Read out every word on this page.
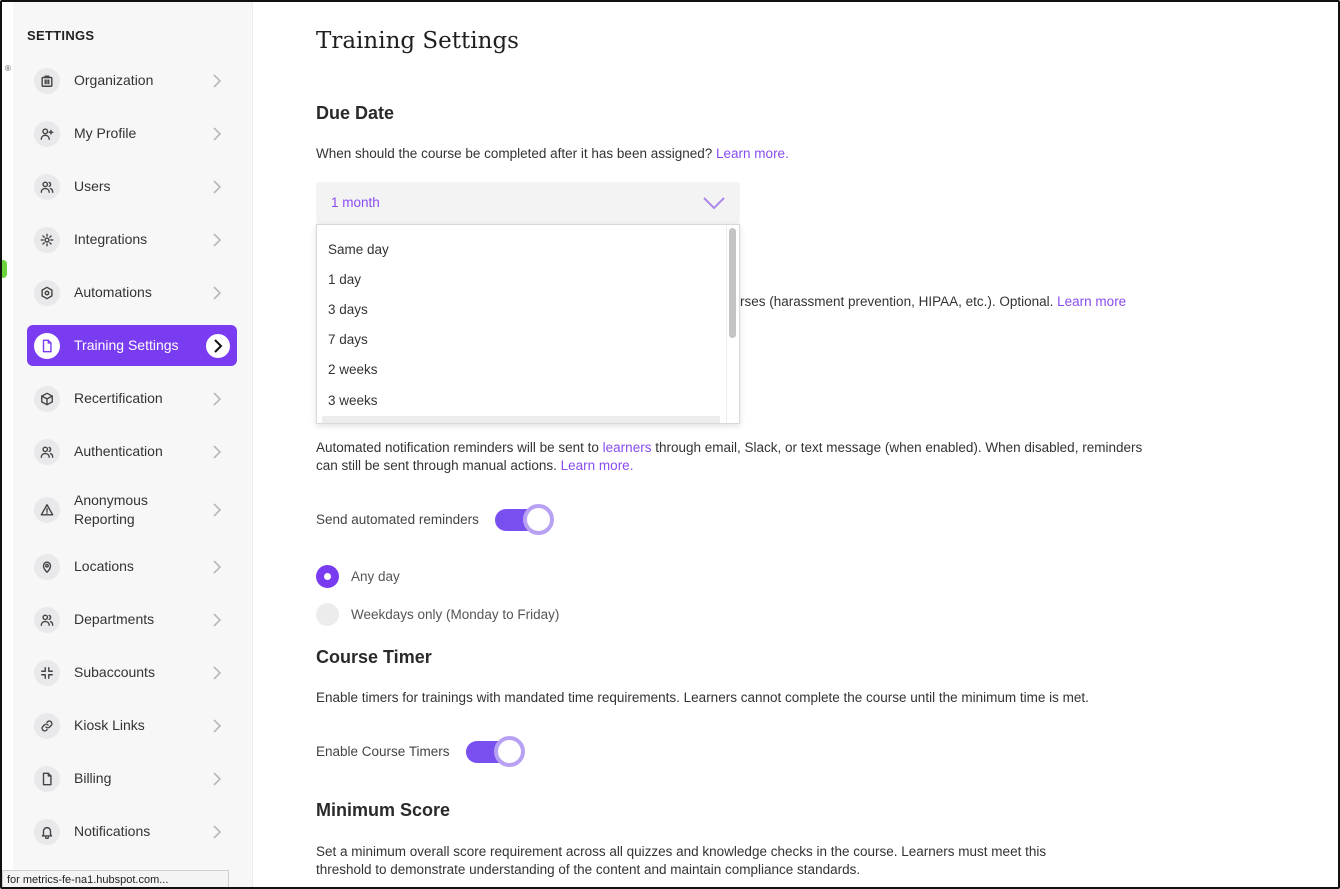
®
SETTINGS
Organization
My Profile
Users
Integrations
Automations
Training Settings
Recertification
Authentication
Anonymous Reporting
Locations
Departments
Subaccounts
Kiosk Links
Billing
Notifications
for metrics-fe-na1.hubspot.com...
Training Settings
Due Date
When should the course be completed after it has been assigned? Learn more.
1 month
rses (harassment prevention, HIPAA, etc.). Optional. Learn more
Same day
1 day
3 days
7 days
2 weeks
3 weeks
Automated notification reminders will be sent to learners through email, Slack, or text message (when enabled). When disabled, reminders can still be sent through manual actions. Learn more.
Send automated reminders
Any day
Weekdays only (Monday to Friday)
Course Timer
Enable timers for trainings with mandated time requirements. Learners cannot complete the course until the minimum time is met.
Enable Course Timers
Minimum Score
Set a minimum overall score requirement across all quizzes and knowledge checks in the course. Learners must meet this
threshold to demonstrate understanding of the content and maintain compliance standards.
